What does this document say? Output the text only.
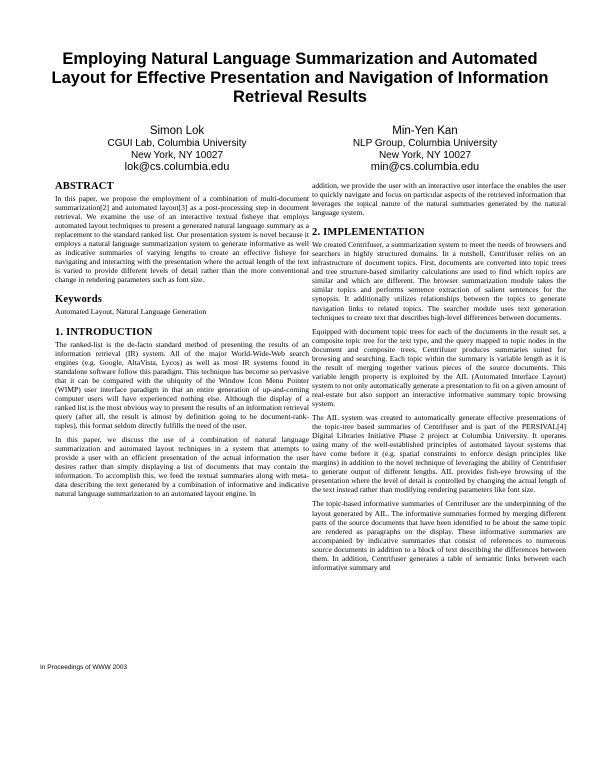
Employing Natural Language Summarization and Automated Layout for Effective Presentation and Navigation of Information Retrieval Results
Simon Lok
CGUI Lab, Columbia University
New York, NY 10027
lok@cs.columbia.edu
Min-Yen Kan
NLP Group, Columbia University
New York, NY 10027
min@cs.columbia.edu
ABSTRACT

In this paper, we propose the employment of a combination of multi-document summarization[2] and automated layout[3] as a post-processing step in document retrieval. We examine the use of an interactive textual fisheye that employs automated layout techniques to present a generated natural language summary as a replacement to the standard ranked list. Our presentation system is novel because it employs a natural language summarization system to generate informative as well as indicative summaries of varying lengths to create an effective fisheye for navigating and interacting with the presentation where the actual length of the text is varied to provide different levels of detail rather than the more conventional change in rendering parameters such as font size.

Keywords

Automated Layout, Natural Language Generation

1. INTRODUCTION

The ranked-list is the de-facto standard method of presenting the results of an information retrieval (IR) system. All of the major World-Wide-Web search engines (e.g. Google, AltaVista, Lycos) as well as most IR systems found in standalone software follow this paradigm. This technique has become so pervasive that it can be compared with the ubiquity of the Window Icon Menu Pointer (WIMP) user interface paradigm in that an entire generation of up-and-coming computer users will have experienced nothing else. Although the display of a ranked list is the most obvious way to present the results of an information retrieval query (after all, the result is almost by definition going to be document-rank-tuples), this format seldom directly fulfills the need of the user.

In this paper, we discuss the use of a combination of natural language summarization and automated layout techniques in a system that attempts to provide a user with an efficient presentation of the actual information the user desires rather than simply displaying a list of documents that may contain the information. To accomplish this, we feed the textual summaries along with meta-data describing the text generated by a combination of informative and indicative natural language summarization to an automated layout engine. In

addition, we provide the user with an interactive user interface the enables the user to quickly navigate and focus on particular aspects of the retrieved information that leverages the topical nature of the natural summaries generated by the natural language system.

2. IMPLEMENTATION

We created Centrifuser, a summarization system to meet the needs of browsers and searchers in highly structured domains. In a nutshell, Centrifuser relies on an infrastructure of document topics. First, documents are converted into topic trees and tree structure-based similarity calculations are used to find which topics are similar and which are different. The browser summarization module takes the similar topics and performs sentence extraction of salient sentences for the synopsis. It additionally utilizes relationships between the topics to generate navigation links to related topics. The searcher module uses text generation techniques to create text that describes high-level differences between documents.

Equipped with document topic trees for each of the documents in the result set, a composite topic tree for the text type, and the query mapped to topic nodes in the document and composite trees, Centrifuser produces summaries suited for browsing and searching. Each topic within the summary is variable length as it is the result of merging together various pieces of the source documents. This variable length property is exploited by the AIL (Automated Interface Layout) system to not only automatically generate a presentation to fit on a given amount of real-estate but also support an interactive informative summary topic browsing system.

The AIL system was created to automatically generate effective presentations of the topic-tree based summaries of Centrifuser and is part of the PERSIVAL[4] Digital Libraries Initiative Phase 2 project at Columbia University. It operates using many of the well-established principles of automated layout systems that have come before it (e.g. spatial constraints to enforce design principles like margins) in addition to the novel technique of leveraging the ability of Centrifuser to generate output of different lengths. AIL provides fish-eye browsing of the presentation where the level of detail is controlled by changing the actual length of the text instead rather than modifying rendering parameters like font size.

The topic-based informative summaries of Centrifuser are the underpinning of the layout generated by AIL. The informative summaries formed by merging different parts of the source documents that have been identified to be about the same topic are rendered as paragraphs on the display. These informative summaries are accompanied by indicative summaries that consist of references to numerous source documents in addition to a block of text describing the differences between them. In addition, Centrifuser generates a table of semantic links between each informative summary and

In Proceedings of WWW 2003
